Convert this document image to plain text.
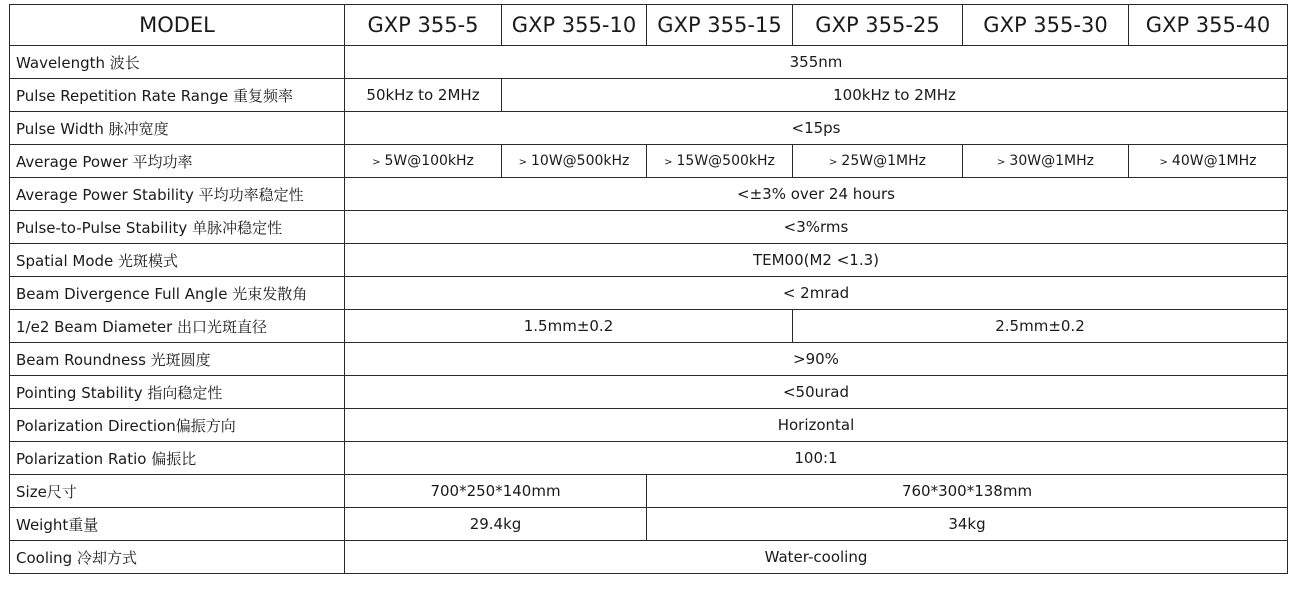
MODEL	GXP 355-5	GXP 355-10	GXP 355-15	GXP 355-25	GXP 355-30	GXP 355-40
Wavelength 波长	355nm					
Pulse Repetition Rate Range 重复频率	50kHz to 2MHz	100kHz to 2MHz				
Pulse Width 脉冲宽度	<15ps					
Average Power 平均功率	> 5W@100kHz	> 10W@500kHz	> 15W@500kHz	> 25W@1MHz	> 30W@1MHz	> 40W@1MHz
Average Power Stability 平均功率稳定性	<±3% over 24 hours					
Pulse-to-Pulse Stability 单脉冲稳定性	<3%rms					
Spatial Mode 光斑模式	TEM00(M2 <1.3)					
Beam Divergence Full Angle 光束发散角	< 2mrad					
1/e2 Beam Diameter 出口光斑直径	1.5mm±0.2			2.5mm±0.2		
Beam Roundness 光斑圆度	>90%					
Pointing Stability 指向稳定性	<50urad					
Polarization Direction偏振方向	Horizontal					
Polarization Ratio 偏振比	100:1					
Size尺寸	700*250*140mm		760*300*138mm			
Weight重量	29.4kg		34kg			
Cooling 冷却方式	Water-cooling					
